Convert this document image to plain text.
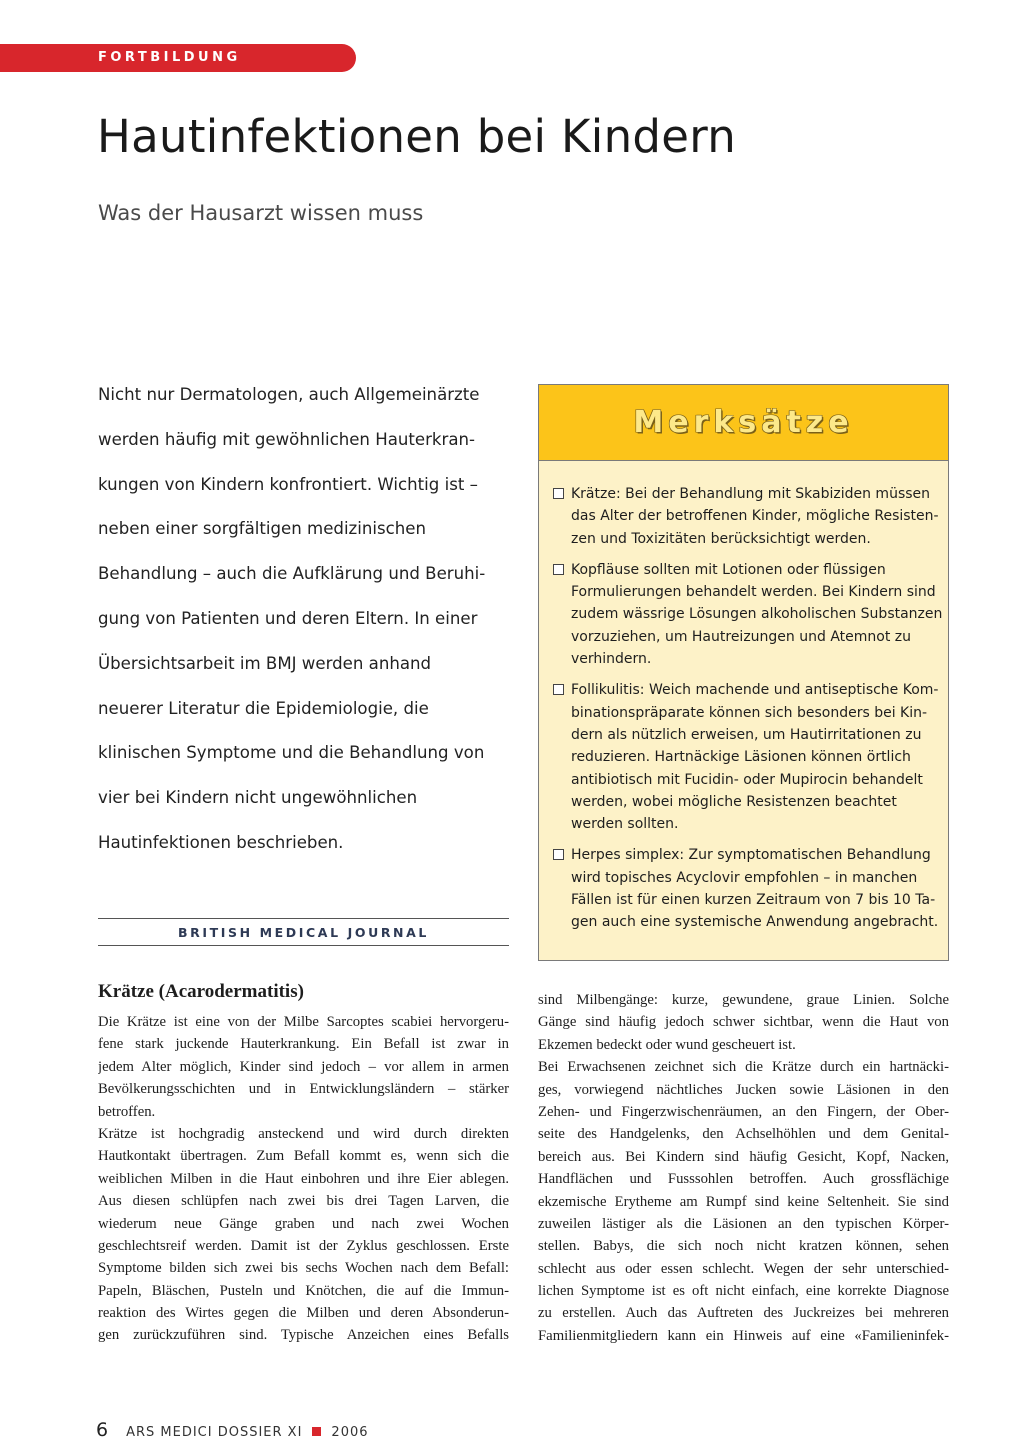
FORTBILDUNG
Hautinfektionen bei Kindern
Was der Hausarzt wissen muss
Nicht nur Dermatologen, auch Allgemeinärzte
werden häufig mit gewöhnlichen Hauterkran-
kungen von Kindern konfrontiert. Wichtig ist –
neben einer sorgfältigen medizinischen
Behandlung – auch die Aufklärung und Beruhi-
gung von Patienten und deren Eltern. In einer
Übersichtsarbeit im BMJ werden anhand
neuerer Literatur die Epidemiologie, die
klinischen Symptome und die Behandlung von
vier bei Kindern nicht ungewöhnlichen
Hautinfektionen beschrieben.
BRITISH MEDICAL JOURNAL
Merksätze
Krätze: Bei der Behandlung mit Skabiziden müssen
das Alter der betroffenen Kinder, mögliche Resisten-
zen und Toxizitäten berücksichtigt werden.
Kopfläuse sollten mit Lotionen oder flüssigen
Formulierungen behandelt werden. Bei Kindern sind
zudem wässrige Lösungen alkoholischen Substanzen
vorzuziehen, um Hautreizungen und Atemnot zu
verhindern.
Follikulitis: Weich machende und antiseptische Kom-
binationspräparate können sich besonders bei Kin-
dern als nützlich erweisen, um Hautirritationen zu
reduzieren. Hartnäckige Läsionen können örtlich
antibiotisch mit Fucidin- oder Mupirocin behandelt
werden, wobei mögliche Resistenzen beachtet
werden sollten.
Herpes simplex: Zur symptomatischen Behandlung
wird topisches Acyclovir empfohlen – in manchen
Fällen ist für einen kurzen Zeitraum von 7 bis 10 Ta-
gen auch eine systemische Anwendung angebracht.
Krätze (Acarodermatitis)
Die Krätze ist eine von der Milbe Sarcoptes scabiei hervorgeru-
fene stark juckende Hauterkrankung. Ein Befall ist zwar in
jedem Alter möglich, Kinder sind jedoch – vor allem in armen
Bevölkerungsschichten und in Entwicklungsländern – stärker
betroffen.
Krätze ist hochgradig ansteckend und wird durch direkten
Hautkontakt übertragen. Zum Befall kommt es, wenn sich die
weiblichen Milben in die Haut einbohren und ihre Eier ablegen.
Aus diesen schlüpfen nach zwei bis drei Tagen Larven, die
wiederum neue Gänge graben und nach zwei Wochen
geschlechtsreif werden. Damit ist der Zyklus geschlossen. Erste
Symptome bilden sich zwei bis sechs Wochen nach dem Befall:
Papeln, Bläschen, Pusteln und Knötchen, die auf die Immun-
reaktion des Wirtes gegen die Milben und deren Absonderun-
gen zurückzuführen sind. Typische Anzeichen eines Befalls
sind Milbengänge: kurze, gewundene, graue Linien. Solche
Gänge sind häufig jedoch schwer sichtbar, wenn die Haut von
Ekzemen bedeckt oder wund gescheuert ist.
Bei Erwachsenen zeichnet sich die Krätze durch ein hartnäcki-
ges, vorwiegend nächtliches Jucken sowie Läsionen in den
Zehen- und Fingerzwischenräumen, an den Fingern, der Ober-
seite des Handgelenks, den Achselhöhlen und dem Genital-
bereich aus. Bei Kindern sind häufig Gesicht, Kopf, Nacken,
Handflächen und Fusssohlen betroffen. Auch grossflächige
ekzemische Erytheme am Rumpf sind keine Seltenheit. Sie sind
zuweilen lästiger als die Läsionen an den typischen Körper-
stellen. Babys, die sich noch nicht kratzen können, sehen
schlecht aus oder essen schlecht. Wegen der sehr unterschied-
lichen Symptome ist es oft nicht einfach, eine korrekte Diagnose
zu erstellen. Auch das Auftreten des Juckreizes bei mehreren
Familienmitgliedern kann ein Hinweis auf eine «Familieninfek-
6 ARS MEDICI DOSSIER XI 2006
